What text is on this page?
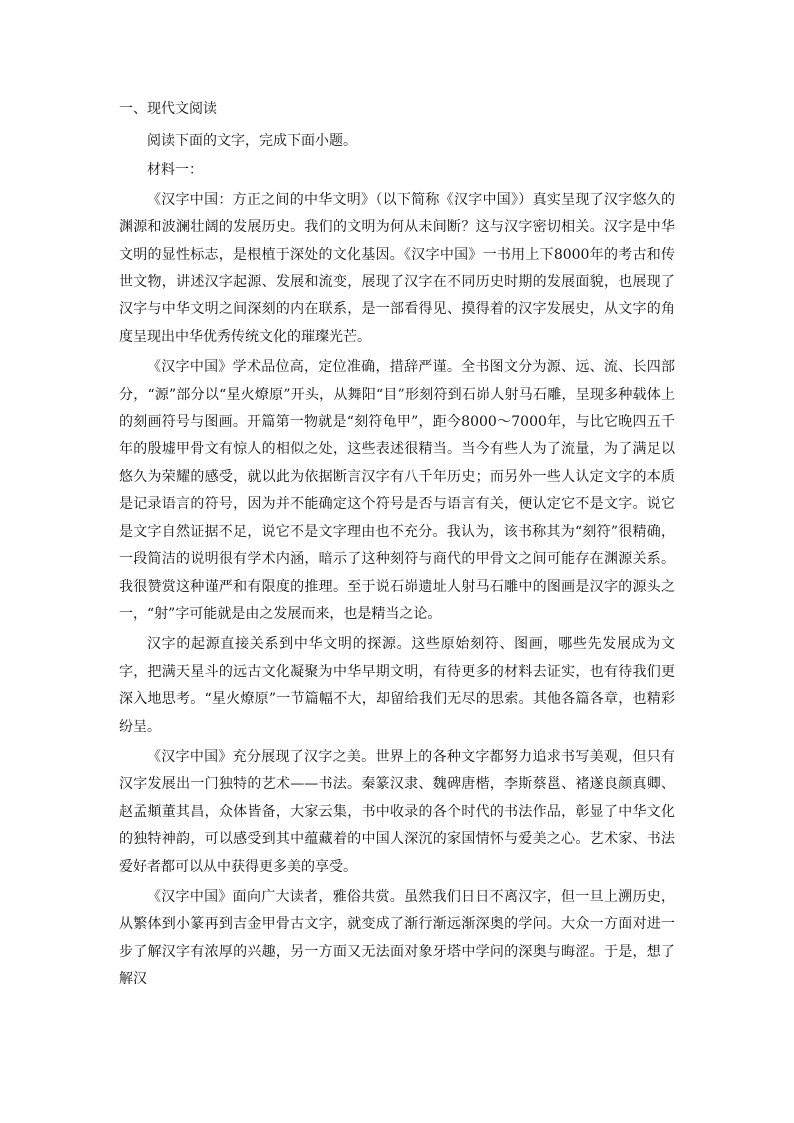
一、现代文阅读
阅读下面的文字，完成下面小题。
材料一：
《汉字中国：方正之间的中华文明》（以下简称《汉字中国》）真实呈现了汉字悠久的渊源和波澜壮阔的发展历史。我们的文明为何从未间断？这与汉字密切相关。汉字是中华文明的显性标志，是根植于深处的文化基因。《汉字中国》一书用上下8000年的考古和传世文物，讲述汉字起源、发展和流变，展现了汉字在不同历史时期的发展面貌，也展现了汉字与中华文明之间深刻的内在联系，是一部看得见、摸得着的汉字发展史，从文字的角度呈现出中华优秀传统文化的璀璨光芒。
《汉字中国》学术品位高，定位准确，措辞严谨。全书图文分为源、远、流、长四部分，“源”部分以“星火燎原”开头，从舞阳“目”形刻符到石峁人射马石雕，呈现多种载体上的刻画符号与图画。开篇第一物就是“刻符龟甲”，距今8000～7000年，与比它晚四五千年的殷墟甲骨文有惊人的相似之处，这些表述很精当。当今有些人为了流量，为了满足以悠久为荣耀的感受，就以此为依据断言汉字有八千年历史；而另外一些人认定文字的本质是记录语言的符号，因为并不能确定这个符号是否与语言有关，便认定它不是文字。说它是文字自然证据不足，说它不是文字理由也不充分。我认为，该书称其为“刻符”很精确，一段简洁的说明很有学术内涵，暗示了这种刻符与商代的甲骨文之间可能存在渊源关系。我很赞赏这种谨严和有限度的推理。至于说石峁遗址人射马石雕中的图画是汉字的源头之一，“射”字可能就是由之发展而来，也是精当之论。
汉字的起源直接关系到中华文明的探源。这些原始刻符、图画，哪些先发展成为文字，把满天星斗的远古文化凝聚为中华早期文明，有待更多的材料去证实，也有待我们更深入地思考。“星火燎原”一节篇幅不大，却留给我们无尽的思索。其他各篇各章，也精彩纷呈。
《汉字中国》充分展现了汉字之美。世界上的各种文字都努力追求书写美观，但只有汉字发展出一门独特的艺术——书法。秦篆汉隶、魏碑唐楷，李斯蔡邕、褚遂良颜真卿、赵孟頫董其昌，众体皆备，大家云集，书中收录的各个时代的书法作品，彰显了中华文化的独特神韵，可以感受到其中蕴藏着的中国人深沉的家国情怀与爱美之心。艺术家、书法爱好者都可以从中获得更多美的享受。
《汉字中国》面向广大读者，雅俗共赏。虽然我们日日不离汉字，但一旦上溯历史，从繁体到小篆再到吉金甲骨古文字，就变成了渐行渐远渐深奥的学问。大众一方面对进一步了解汉字有浓厚的兴趣，另一方面又无法面对象牙塔中学问的深奥与晦涩。于是，想了解汉
